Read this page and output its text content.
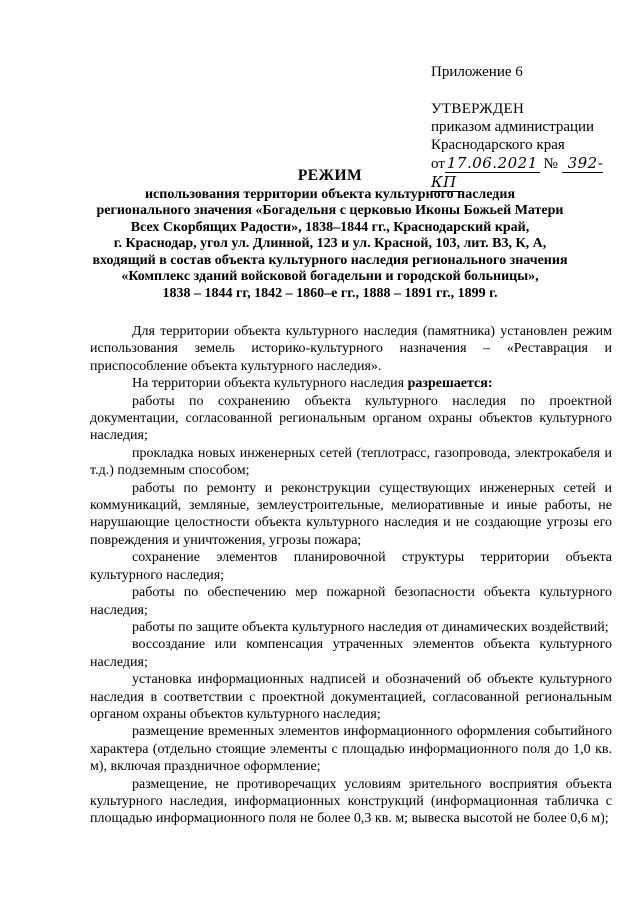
Приложение 6
УТВЕРЖДЕН
приказом администрации
Краснодарского края
от 17.06.2021 № 392-КП
РЕЖИМ
использования территории объекта культурного наследия
регионального значения «Богадельня с церковью Иконы Божьей Матери
Всех Скорбящих Радости», 1838–1844 гг., Краснодарский край,
г. Краснодар, угол ул. Длинной, 123 и ул. Красной, 103, лит. В3, К, А,
входящий в состав объекта культурного наследия регионального значения
«Комплекс зданий войсковой богадельни и городской больницы»,
1838 – 1844 гг, 1842 – 1860–е гг., 1888 – 1891 гг., 1899 г.

Для территории объекта культурного наследия (памятника) установлен режим использования земель историко-культурного назначения – «Реставрация и приспособление объекта культурного наследия».

На территории объекта культурного наследия разрешается:

работы по сохранению объекта культурного наследия по проектной документации, согласованной региональным органом охраны объектов культурного наследия;

прокладка новых инженерных сетей (теплотрасс, газопровода, электрокабеля и т.д.) подземным способом;

работы по ремонту и реконструкции существующих инженерных сетей и коммуникаций, земляные, землеустроительные, мелиоративные и иные работы, не нарушающие целостности объекта культурного наследия и не создающие угрозы его повреждения и уничтожения, угрозы пожара;

сохранение элементов планировочной структуры территории объекта культурного наследия;

работы по обеспечению мер пожарной безопасности объекта культурного наследия;

работы по защите объекта культурного наследия от динамических воздействий;

воссоздание или компенсация утраченных элементов объекта культурного наследия;

установка информационных надписей и обозначений об объекте культурного наследия в соответствии с проектной документацией, согласованной региональным органом охраны объектов культурного наследия;

размещение временных элементов информационного оформления событийного характера (отдельно стоящие элементы с площадью информационного поля до 1,0 кв. м), включая праздничное оформление;

размещение, не противоречащих условиям зрительного восприятия объекта культурного наследия, информационных конструкций (информационная табличка с площадью информационного поля не более 0,3 кв. м; вывеска высотой не более 0,6 м);
